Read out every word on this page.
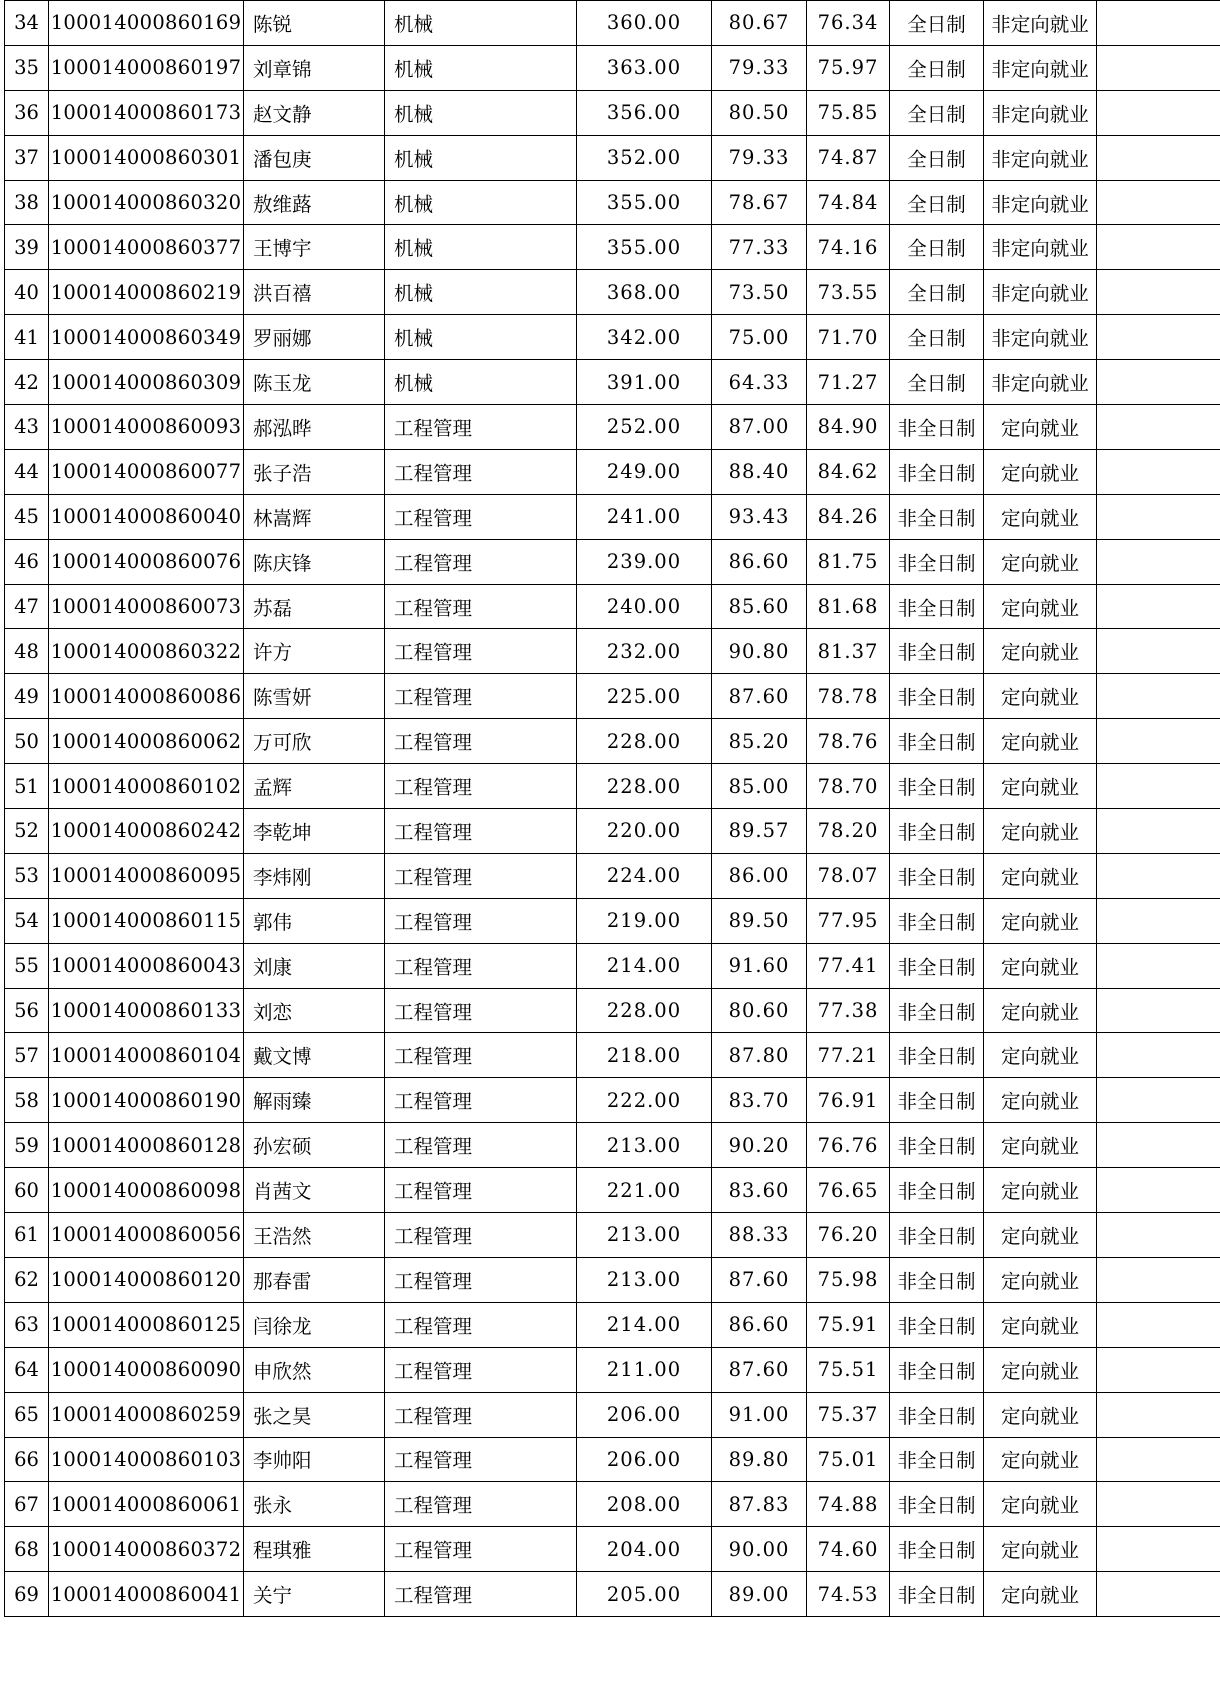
34	100014000860169	陈锐	机械	360.00	80.67	76.34	全日制	非定向就业	
35	100014000860197	刘章锦	机械	363.00	79.33	75.97	全日制	非定向就业	
36	100014000860173	赵文静	机械	356.00	80.50	75.85	全日制	非定向就业	
37	100014000860301	潘包庚	机械	352.00	79.33	74.87	全日制	非定向就业	
38	100014000860320	敖维蕗	机械	355.00	78.67	74.84	全日制	非定向就业	
39	100014000860377	王博宇	机械	355.00	77.33	74.16	全日制	非定向就业	
40	100014000860219	洪百禧	机械	368.00	73.50	73.55	全日制	非定向就业	
41	100014000860349	罗丽娜	机械	342.00	75.00	71.70	全日制	非定向就业	
42	100014000860309	陈玉龙	机械	391.00	64.33	71.27	全日制	非定向就业	
43	100014000860093	郝泓晔	工程管理	252.00	87.00	84.90	非全日制	定向就业	
44	100014000860077	张子浩	工程管理	249.00	88.40	84.62	非全日制	定向就业	
45	100014000860040	林嵩辉	工程管理	241.00	93.43	84.26	非全日制	定向就业	
46	100014000860076	陈庆锋	工程管理	239.00	86.60	81.75	非全日制	定向就业	
47	100014000860073	苏磊	工程管理	240.00	85.60	81.68	非全日制	定向就业	
48	100014000860322	许方	工程管理	232.00	90.80	81.37	非全日制	定向就业	
49	100014000860086	陈雪妍	工程管理	225.00	87.60	78.78	非全日制	定向就业	
50	100014000860062	万可欣	工程管理	228.00	85.20	78.76	非全日制	定向就业	
51	100014000860102	孟辉	工程管理	228.00	85.00	78.70	非全日制	定向就业	
52	100014000860242	李乾坤	工程管理	220.00	89.57	78.20	非全日制	定向就业	
53	100014000860095	李炜刚	工程管理	224.00	86.00	78.07	非全日制	定向就业	
54	100014000860115	郭伟	工程管理	219.00	89.50	77.95	非全日制	定向就业	
55	100014000860043	刘康	工程管理	214.00	91.60	77.41	非全日制	定向就业	
56	100014000860133	刘恋	工程管理	228.00	80.60	77.38	非全日制	定向就业	
57	100014000860104	戴文博	工程管理	218.00	87.80	77.21	非全日制	定向就业	
58	100014000860190	解雨臻	工程管理	222.00	83.70	76.91	非全日制	定向就业	
59	100014000860128	孙宏硕	工程管理	213.00	90.20	76.76	非全日制	定向就业	
60	100014000860098	肖茜文	工程管理	221.00	83.60	76.65	非全日制	定向就业	
61	100014000860056	王浩然	工程管理	213.00	88.33	76.20	非全日制	定向就业	
62	100014000860120	那春雷	工程管理	213.00	87.60	75.98	非全日制	定向就业	
63	100014000860125	闫徐龙	工程管理	214.00	86.60	75.91	非全日制	定向就业	
64	100014000860090	申欣然	工程管理	211.00	87.60	75.51	非全日制	定向就业	
65	100014000860259	张之昊	工程管理	206.00	91.00	75.37	非全日制	定向就业	
66	100014000860103	李帅阳	工程管理	206.00	89.80	75.01	非全日制	定向就业	
67	100014000860061	张永	工程管理	208.00	87.83	74.88	非全日制	定向就业	
68	100014000860372	程琪雅	工程管理	204.00	90.00	74.60	非全日制	定向就业	
69	100014000860041	关宁	工程管理	205.00	89.00	74.53	非全日制	定向就业	
